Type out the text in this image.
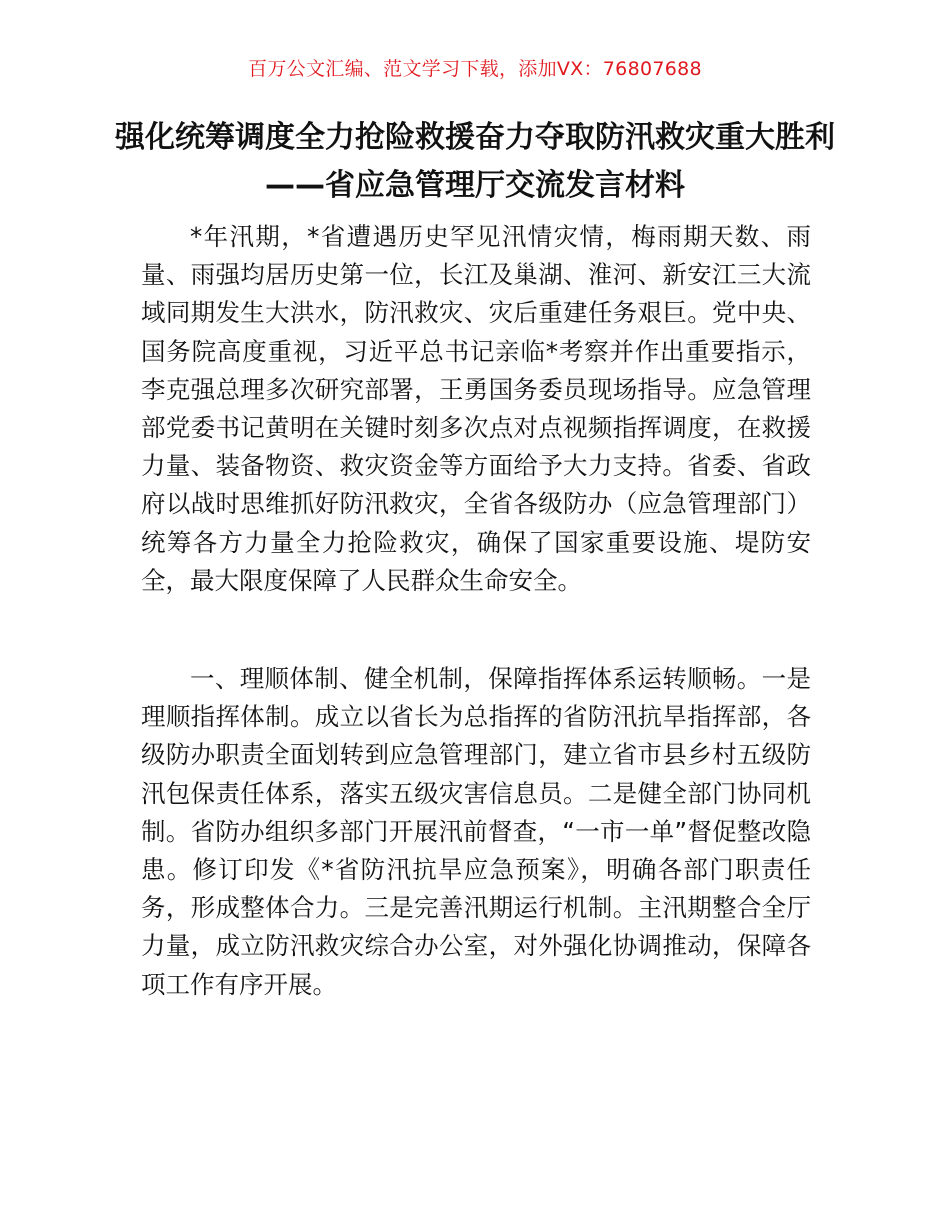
百万公文汇编、范文学习下载，添加VX：76807688
强化统筹调度全力抢险救援奋力夺取防汛救灾重大胜利——省应急管理厅交流发言材料

*年汛期，*省遭遇历史罕见汛情灾情，梅雨期天数、雨量、雨强均居历史第一位，长江及巢湖、淮河、新安江三大流域同期发生大洪水，防汛救灾、灾后重建任务艰巨。党中央、国务院高度重视，习近平总书记亲临*考察并作出重要指示，李克强总理多次研究部署，王勇国务委员现场指导。应急管理部党委书记黄明在关键时刻多次点对点视频指挥调度，在救援力量、装备物资、救灾资金等方面给予大力支持。省委、省政府以战时思维抓好防汛救灾，全省各级防办（应急管理部门）统筹各方力量全力抢险救灾，确保了国家重要设施、堤防安全，最大限度保障了人民群众生命安全。

一、理顺体制、健全机制，保障指挥体系运转顺畅。一是理顺指挥体制。成立以省长为总指挥的省防汛抗旱指挥部，各级防办职责全面划转到应急管理部门，建立省市县乡村五级防汛包保责任体系，落实五级灾害信息员。二是健全部门协同机制。省防办组织多部门开展汛前督查，“一市一单”督促整改隐患。修订印发《*省防汛抗旱应急预案》，明确各部门职责任务，形成整体合力。三是完善汛期运行机制。主汛期整合全厅力量，成立防汛救灾综合办公室，对外强化协调推动，保障各项工作有序开展。
